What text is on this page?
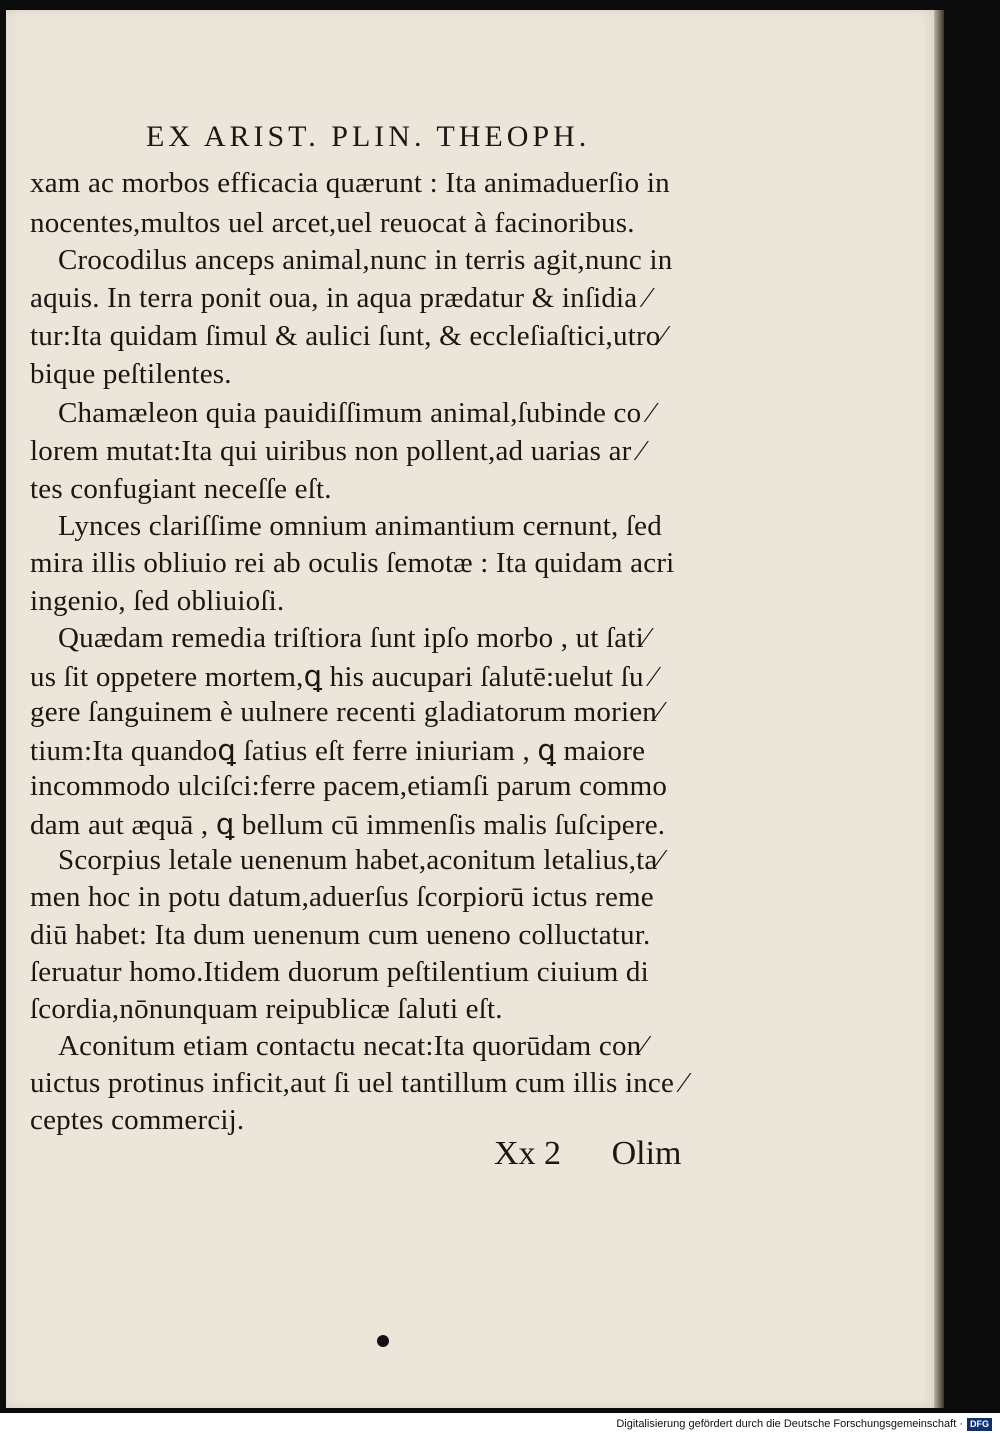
EX ARIST. PLIN. THEOPH.
xam ac morbos efficacia quærunt : Ita animaduerſio in
nocentes,multos uel arcet,uel reuocat à facinoribus.
Crocodilus anceps animal,nunc in terris agit,nunc in
aquis. In terra ponit oua, in aqua prædatur & inſidia ⁄
tur:Ita quidam ſimul & aulici ſunt, & eccleſiaſtici,utro⁄
bique peſtilentes.
Chamæleon quia pauidiſſimum animal,ſubinde co ⁄
lorem mutat:Ita qui uiribus non pollent,ad uarias ar ⁄
tes confugiant neceſſe eſt.
Lynces clariſſime omnium animantium cernunt, ſed
mira illis obliuio rei ab oculis ſemotæ : Ita quidam acri
ingenio, ſed obliuioſi.
Quædam remedia triſtiora ſunt ipſo morbo , ut ſati⁄
us ſit oppetere mortem,ꝗ his aucupari ſalutē:uelut ſu ⁄
gere ſanguinem è uulnere recenti gladiatorum morien⁄
tium:Ita quandoꝗ ſatius eſt ferre iniuriam , ꝗ maiore
incommodo ulciſci:ferre pacem,etiamſi parum commo
dam aut æquā , ꝗ bellum cū immenſis malis ſuſcipere.
Scorpius letale uenenum habet,aconitum letalius,ta⁄
men hoc in potu datum,aduerſus ſcorpiorū ictus reme
diū habet: Ita dum uenenum cum ueneno colluctatur.
ſeruatur homo.Itidem duorum peſtilentium ciuium di
ſcordia,nōnunquam reipublicæ ſaluti eſt.
Aconitum etiam contactu necat:Ita quorūdam con⁄
uictus protinus inficit,aut ſi uel tantillum cum illis ince ⁄
ceptes commercij.
Xx 2 Olim
Digitalisierung gefördert durch die Deutsche Forschungsgemeinschaft · DFG
